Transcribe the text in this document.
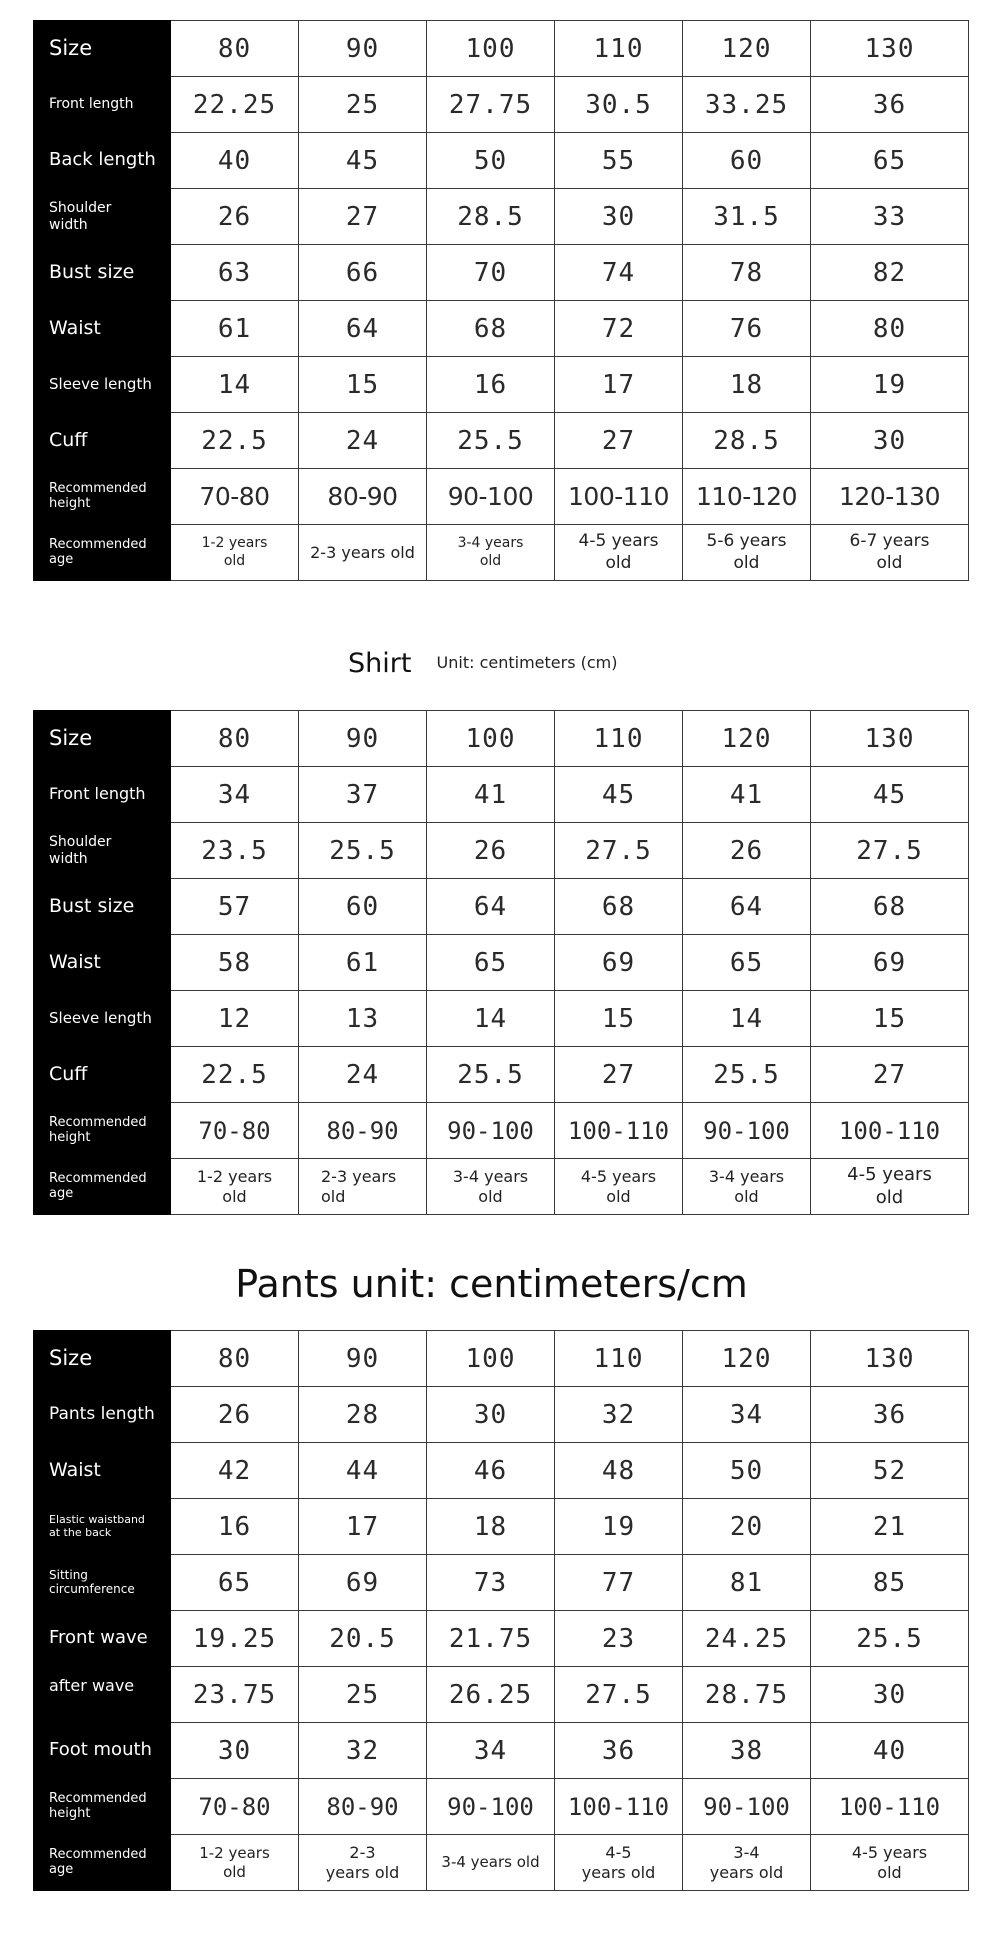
Size	80	90	100	110	120	130
Front length	22.25	25	27.75	30.5	33.25	36
Back length	40	45	50	55	60	65
Shoulder width	26	27	28.5	30	31.5	33
Bust size	63	66	70	74	78	82
Waist	61	64	68	72	76	80
Sleeve length	14	15	16	17	18	19
Cuff	22.5	24	25.5	27	28.5	30
Recommended height	70-80	80-90	90-100	100-110	110-120	120-130
Recommended age	1-2 years old	2-3 years old	3-4 years old	4-5 years old	5-6 years old	6-7 years old
Shirt Unit: centimeters (cm)
Size	80	90	100	110	120	130
Front length	34	37	41	45	41	45
Shoulder width	23.5	25.5	26	27.5	26	27.5
Bust size	57	60	64	68	64	68
Waist	58	61	65	69	65	69
Sleeve length	12	13	14	15	14	15
Cuff	22.5	24	25.5	27	25.5	27
Recommended height	70-80	80-90	90-100	100-110	90-100	100-110
Recommended age	1-2 years old	2-3 years old	3-4 years old	4-5 years old	3-4 years old	4-5 years old
Pants unit: centimeters/cm
Size	80	90	100	110	120	130
Pants length	26	28	30	32	34	36
Waist	42	44	46	48	50	52
Elastic waistband at the back	16	17	18	19	20	21
Sitting circumference	65	69	73	77	81	85
Front wave	19.25	20.5	21.75	23	24.25	25.5
after wave	23.75	25	26.25	27.5	28.75	30
Foot mouth	30	32	34	36	38	40
Recommended height	70-80	80-90	90-100	100-110	90-100	100-110
Recommended age	1-2 years old	2-3 years old	3-4 years old	4-5 years old	3-4 years old	4-5 years old
